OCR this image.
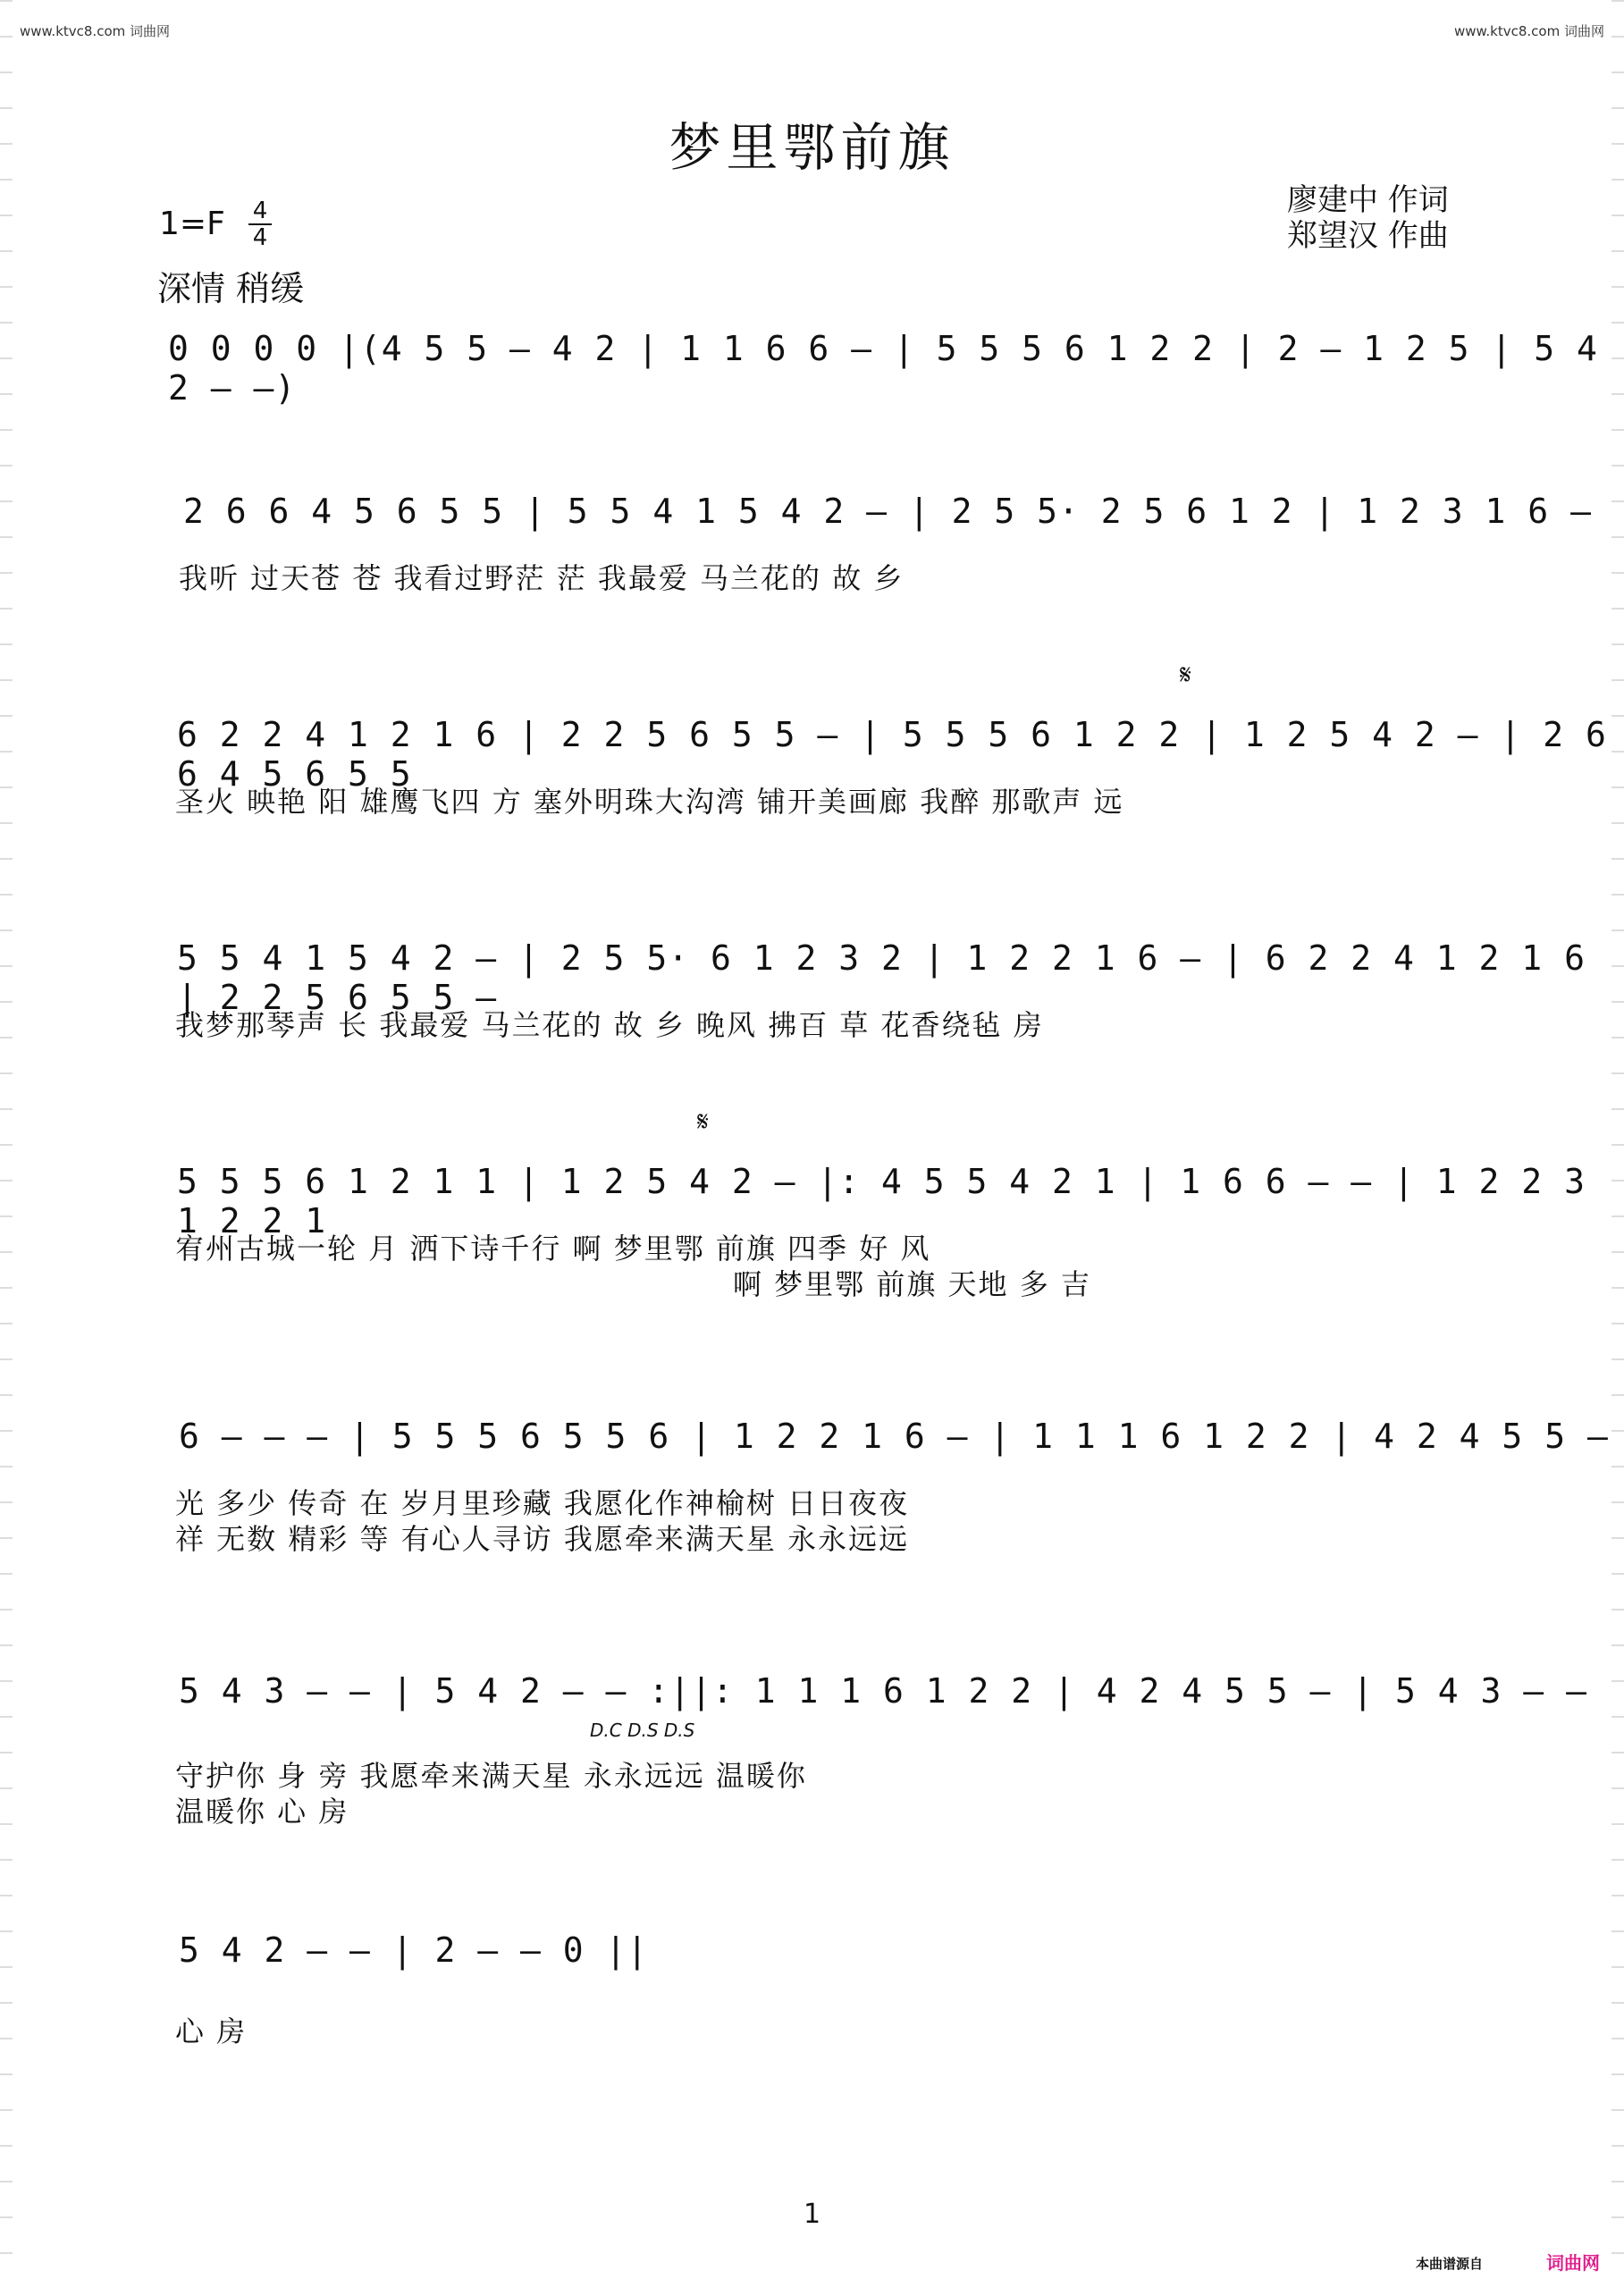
www.ktvc8.com 词曲网	www.ktvc8.com 词曲网
梦里鄂前旗
廖建中 作词
郑望汉 作曲
1=F 4
4
深情 稍缓
0 0 0 0 |(4 5 5 – 4 2 | 1 1 6 6 – | 5 5 5 6 1 2 2 | 2 – 1 2 5 | 5 4 2 – –)
2 6 6 4 5 6 5 5 | 5 5 4 1 5 4 2 – | 2 5 5· 2 5 6 1 2 | 1 2 3 1 6 –
我听 过天苍 苍 我看过野茫 茫 我最爱 马兰花的 故 乡
𝄋
6 2 2 4 1 2 1 6 | 2 2 5 6 5 5 – | 5 5 5 6 1 2 2 | 1 2 5 4 2 – | 2 6 6 4 5 6 5 5
圣火 映艳 阳 雄鹰飞四 方 塞外明珠大沟湾 铺开美画廊 我醉 那歌声 远
5 5 4 1 5 4 2 – | 2 5 5· 6 1 2 3 2 | 1 2 2 1 6 – | 6 2 2 4 1 2 1 6 | 2 2 5 6 5 5 –
我梦那琴声 长 我最爱 马兰花的 故 乡 晚风 拂百 草 花香绕毡 房
𝄋
5 5 5 6 1 2 1 1 | 1 2 5 4 2 – |: 4 5 5 4 2 1 | 1 6 6 – – | 1 2 2 3 1 2 2 1
宥州古城一轮 月 洒下诗千行 啊 梦里鄂 前旗 四季 好 风
啊 梦里鄂 前旗 天地 多 吉
6 – – – | 5 5 5 6 5 5 6 | 1 2 2 1 6 – | 1 1 1 6 1 2 2 | 4 2 4 5 5 –
光 多少 传奇 在 岁月里珍藏 我愿化作神榆树 日日夜夜
祥 无数 精彩 等 有心人寻访 我愿牵来满天星 永永远远
5 4 3 – – | 5 4 2 – – :||: 1 1 1 6 1 2 2 | 4 2 4 5 5 – | 5 4 3 – –
D.C D.S D.S
守护你 身 旁 我愿牵来满天星 永永远远 温暖你
温暖你 心 房
5 4 2 – – | 2 – – 0 ||
心 房
1
本曲谱源自	词曲网
